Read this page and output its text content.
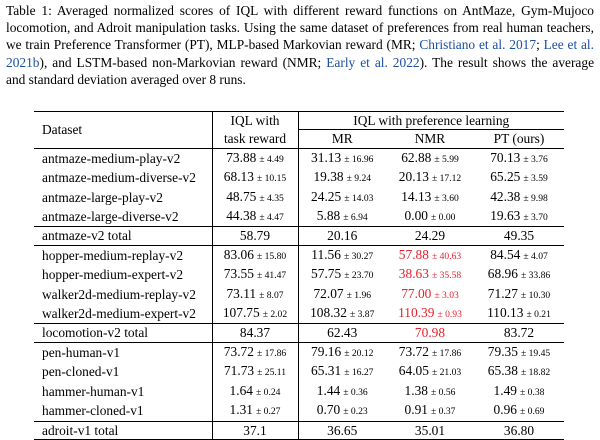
Table 1: Averaged normalized scores of IQL with different reward functions on AntMaze, Gym-Mujoco locomotion, and Adroit manipulation tasks. Using the same dataset of preferences from real human teachers, we train Preference Transformer (PT), MLP-based Markovian reward (MR; Christiano et al. 2017; Lee et al. 2021b), and LSTM-based non-Markovian reward (NMR; Early et al. 2022). The result shows the average and standard deviation averaged over 8 runs.

Dataset	IQL with	IQL with preference learning		
	task reward	MR	NMR	PT (ours)
antmaze-medium-play-v2	73.88 ± 4.49	31.13 ± 16.96	62.88 ± 5.99	70.13 ± 3.76
antmaze-medium-diverse-v2	68.13 ± 10.15	19.38 ± 9.24	20.13 ± 17.12	65.25 ± 3.59
antmaze-large-play-v2	48.75 ± 4.35	24.25 ± 14.03	14.13 ± 3.60	42.38 ± 9.98
antmaze-large-diverse-v2	44.38 ± 4.47	5.88 ± 6.94	0.00 ± 0.00	19.63 ± 3.70
antmaze-v2 total	58.79	20.16	24.29	49.35
hopper-medium-replay-v2	83.06 ± 15.80	11.56 ± 30.27	57.88 ± 40.63	84.54 ± 4.07
hopper-medium-expert-v2	73.55 ± 41.47	57.75 ± 23.70	38.63 ± 35.58	68.96 ± 33.86
walker2d-medium-replay-v2	73.11 ± 8.07	72.07 ± 1.96	77.00 ± 3.03	71.27 ± 10.30
walker2d-medium-expert-v2	107.75 ± 2.02	108.32 ± 3.87	110.39 ± 0.93	110.13 ± 0.21
locomotion-v2 total	84.37	62.43	70.98	83.72
pen-human-v1	73.72 ± 17.86	79.16 ± 20.12	73.72 ± 17.86	79.35 ± 19.45
pen-cloned-v1	71.73 ± 25.11	65.31 ± 16.27	64.05 ± 21.03	65.38 ± 18.82
hammer-human-v1	1.64 ± 0.24	1.44 ± 0.36	1.38 ± 0.56	1.49 ± 0.38
hammer-cloned-v1	1.31 ± 0.27	0.70 ± 0.23	0.91 ± 0.37	0.96 ± 0.69
adroit-v1 total	37.1	36.65	35.01	36.80
